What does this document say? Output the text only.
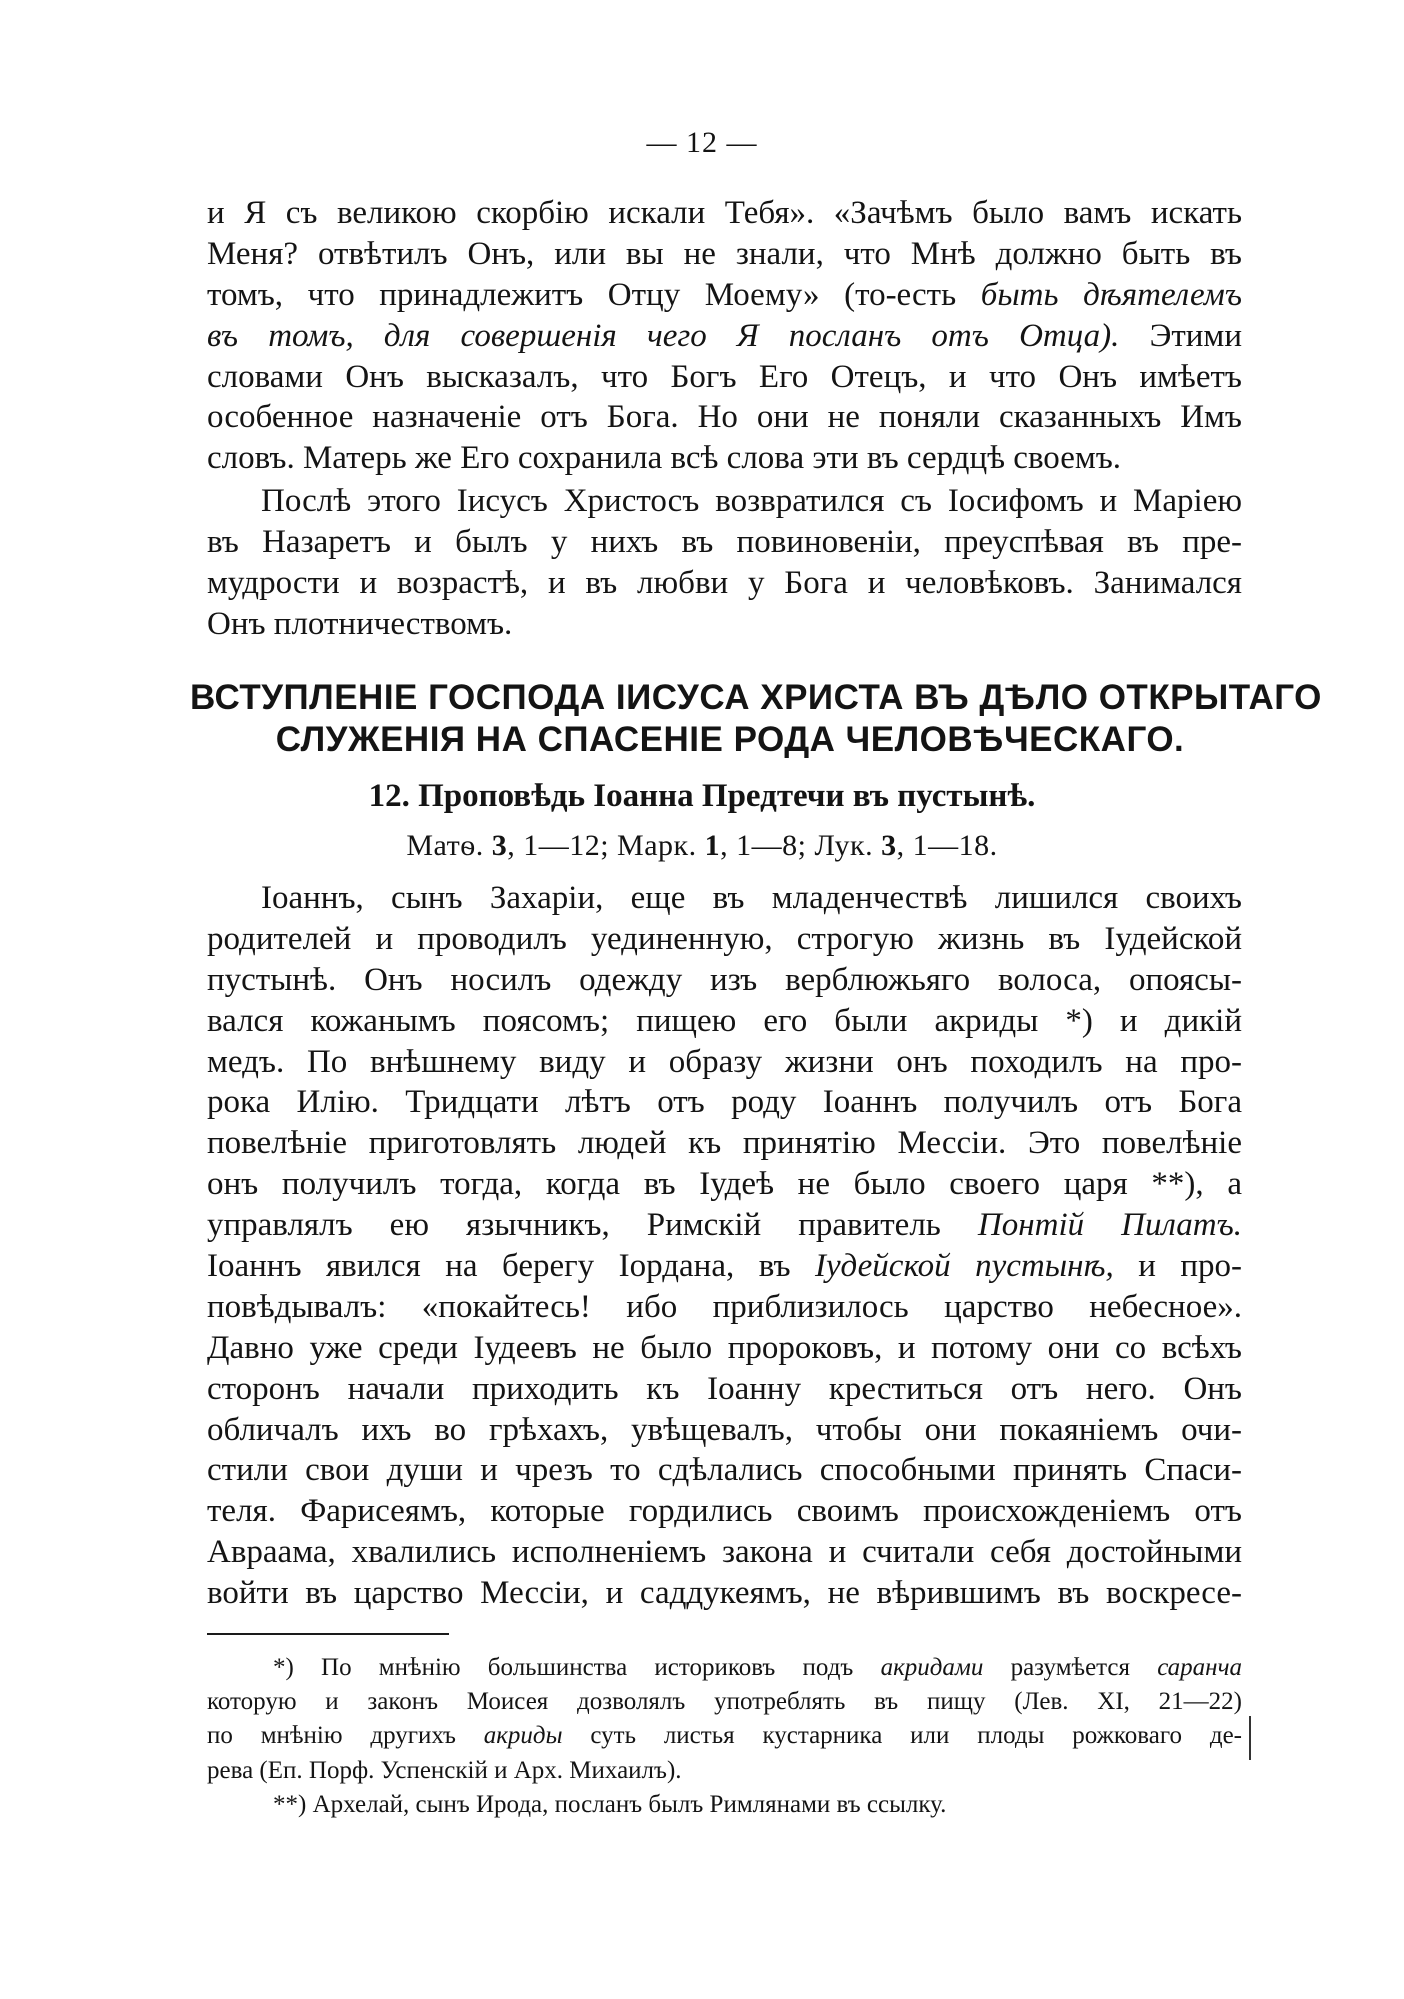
— 12 —
и Я съ великою скорбію искали Тебя». «Зачѣмъ было вамъ искать
Меня? отвѣтилъ Онъ, или вы не знали, что Мнѣ должно быть въ
томъ, что принадлежитъ Отцу Моему» (то-есть быть дѣятелемъ
въ томъ, для совершенія чего Я посланъ отъ Отца). Этими
словами Онъ высказалъ, что Богъ Его Отецъ, и что Онъ имѣетъ
особенное назначеніе отъ Бога. Но они не поняли сказанныхъ Имъ
словъ. Матерь же Его сохранила всѣ слова эти въ сердцѣ своемъ.
Послѣ этого Іисусъ Христосъ возвратился съ Іосифомъ и Маріею
въ Назаретъ и былъ у нихъ въ повиновеніи, преуспѣвая въ пре-
мудрости и возрастѣ, и въ любви у Бога и человѣковъ. Занимался
Онъ плотничествомъ.
ВСТУПЛЕНІЕ ГОСПОДА ІИСУСА ХРИСТА ВЪ ДѢЛО ОТКРЫТАГО
СЛУЖЕНІЯ НА СПАСЕНІЕ РОДА ЧЕЛОВѢЧЕСКАГО.
12. Проповѣдь Іоанна Предтечи въ пустынѣ.
Матѳ. 3, 1—12; Марк. 1, 1—8; Лук. 3, 1—18.
Іоаннъ, сынъ Захаріи, еще въ младенчествѣ лишился своихъ
родителей и проводилъ уединенную, строгую жизнь въ Іудейской
пустынѣ. Онъ носилъ одежду изъ верблюжьяго волоса, опоясы-
вался кожанымъ поясомъ; пищею его были акриды *) и дикій
медъ. По внѣшнему виду и образу жизни онъ походилъ на про-
рока Илію. Тридцати лѣтъ отъ роду Іоаннъ получилъ отъ Бога
повелѣніе приготовлять людей къ принятію Мессіи. Это повелѣніе
онъ получилъ тогда, когда въ Іудеѣ не было своего царя **), а
управлялъ ею язычникъ, Римскій правитель Понтій Пилатъ.
Іоаннъ явился на берегу Іордана, въ Іудейской пустынѣ, и про-
повѣдывалъ: «покайтесь! ибо приблизилось царство небесное».
Давно уже среди Іудеевъ не было пророковъ, и потому они со всѣхъ
сторонъ начали приходить къ Іоанну креститься отъ него. Онъ
обличалъ ихъ во грѣхахъ, увѣщевалъ, чтобы они покаяніемъ очи-
стили свои души и чрезъ то сдѣлались способными принять Спаси-
теля. Фарисеямъ, которые гордились своимъ происхожденіемъ отъ
Авраама, хвалились исполненіемъ закона и считали себя достойными
войти въ царство Мессіи, и саддукеямъ, не вѣрившимъ въ воскресе-
*) По мнѣнію большинства историковъ подъ акридами разумѣется саранча
которую и законъ Моисея дозволялъ употреблять въ пищу (Лев. XI, 21—22)
по мнѣнію другихъ акриды суть листья кустарника или плоды рожковаго де-
рева (Еп. Порф. Успенскій и Арх. Михаилъ).
**) Архелай, сынъ Ирода, посланъ былъ Римлянами въ ссылку.
